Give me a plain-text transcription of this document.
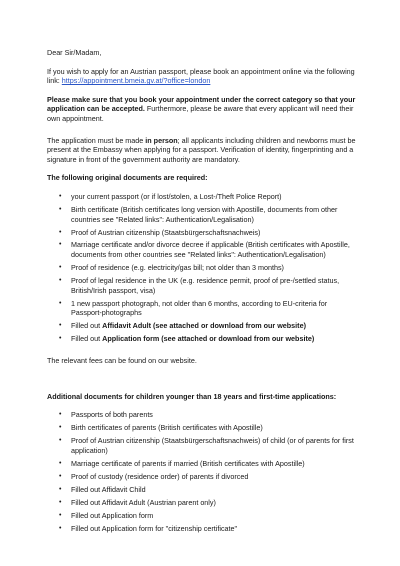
Dear Sir/Madam,

If you wish to apply for an Austrian passport, please book an appointment online via the following link: https://appointment.bmeia.gv.at/?office=london

Please make sure that you book your appointment under the correct category so that your application can be accepted. Furthermore, please be aware that every applicant will need their own appointment.

The application must be made in person; all applicants including children and newborns must be present at the Embassy when applying for a passport. Verification of identity, fingerprinting and a signature in front of the government authority are mandatory.

The following original documents are required:

• your current passport (or if lost/stolen, a Lost-/Theft Police Report)
• Birth certificate (British certificates long version with Apostille, documents from other countries see "Related links": Authentication/Legalisation)
• Proof of Austrian citizenship (Staatsbürgerschaftsnachweis)
• Marriage certificate and/or divorce decree if applicable (British certificates with Apostille, documents from other countries see "Related links": Authentication/Legalisation)
• Proof of residence (e.g. electricity/gas bill; not older than 3 months)
• Proof of legal residence in the UK (e.g. residence permit, proof of pre-/settled status, British/Irish passport, visa)
• 1 new passport photograph, not older than 6 months, according to EU-criteria for Passport-photographs
• Filled out Affidavit Adult (see attached or download from our website)
• Filled out Application form (see attached or download from our website)

The relevant fees can be found on our website.

Additional documents for children younger than 18 years and first-time applications:

• Passports of both parents
• Birth certificates of parents (British certificates with Apostille)
• Proof of Austrian citizenship (Staatsbürgerschaftsnachweis) of child (or of parents for first application)
• Marriage certificate of parents if married (British certificates with Apostille)
• Proof of custody (residence order) of parents if divorced
• Filled out Affidavit Child
• Filled out Affidavit Adult (Austrian parent only)
• Filled out Application form
• Filled out Application form for "citizenship certificate"
